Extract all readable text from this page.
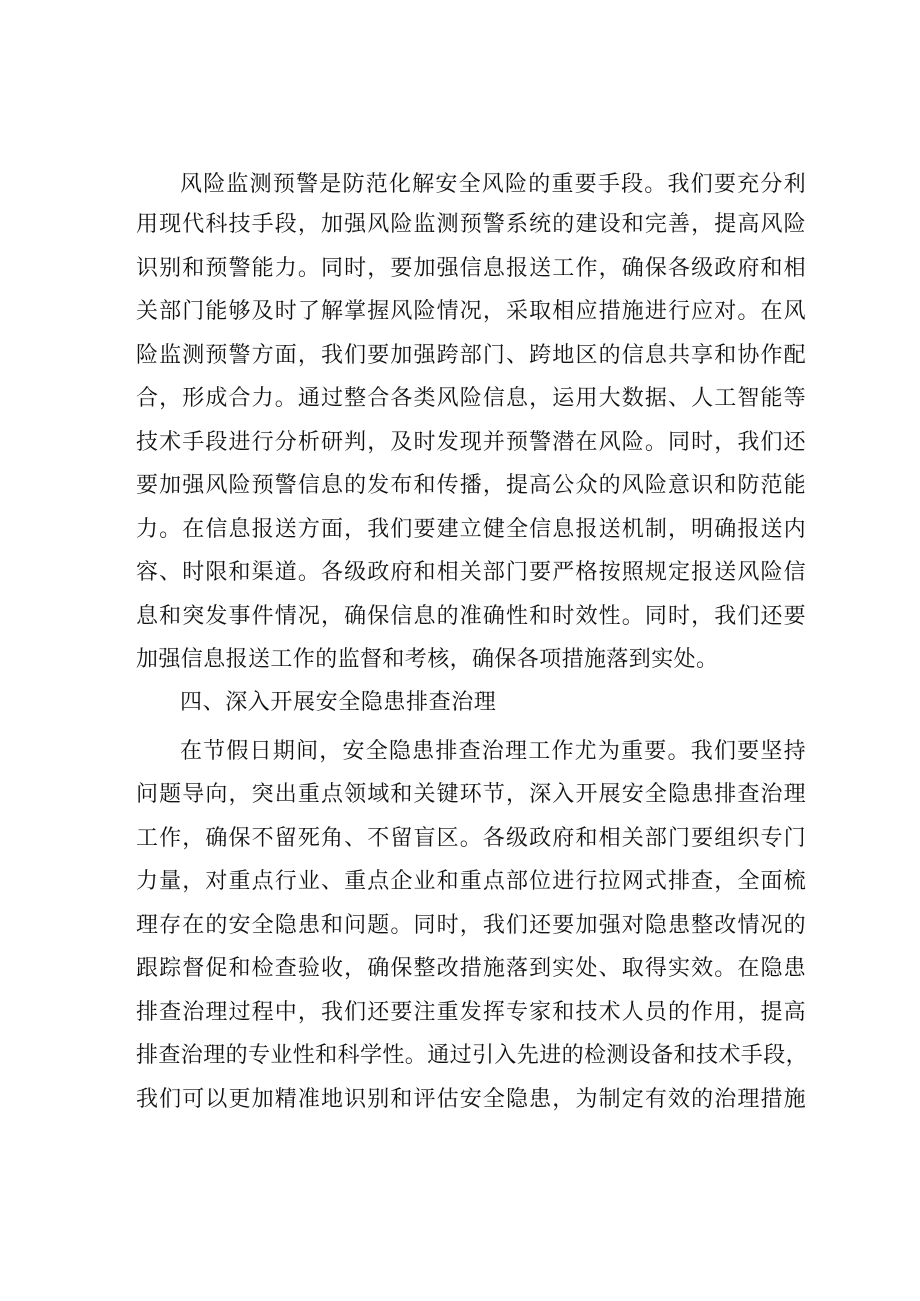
风险监测预警是防范化解安全风险的重要手段。我们要充分利
用现代科技手段，加强风险监测预警系统的建设和完善，提高风险
识别和预警能力。同时，要加强信息报送工作，确保各级政府和相
关部门能够及时了解掌握风险情况，采取相应措施进行应对。在风
险监测预警方面，我们要加强跨部门、跨地区的信息共享和协作配
合，形成合力。通过整合各类风险信息，运用大数据、人工智能等
技术手段进行分析研判，及时发现并预警潜在风险。同时，我们还
要加强风险预警信息的发布和传播，提高公众的风险意识和防范能
力。在信息报送方面，我们要建立健全信息报送机制，明确报送内
容、时限和渠道。各级政府和相关部门要严格按照规定报送风险信
息和突发事件情况，确保信息的准确性和时效性。同时，我们还要
加强信息报送工作的监督和考核，确保各项措施落到实处。
四、深入开展安全隐患排查治理
在节假日期间，安全隐患排查治理工作尤为重要。我们要坚持
问题导向，突出重点领域和关键环节，深入开展安全隐患排查治理
工作，确保不留死角、不留盲区。各级政府和相关部门要组织专门
力量，对重点行业、重点企业和重点部位进行拉网式排查，全面梳
理存在的安全隐患和问题。同时，我们还要加强对隐患整改情况的
跟踪督促和检查验收，确保整改措施落到实处、取得实效。在隐患
排查治理过程中，我们还要注重发挥专家和技术人员的作用，提高
排查治理的专业性和科学性。通过引入先进的检测设备和技术手段，
我们可以更加精准地识别和评估安全隐患，为制定有效的治理措施
